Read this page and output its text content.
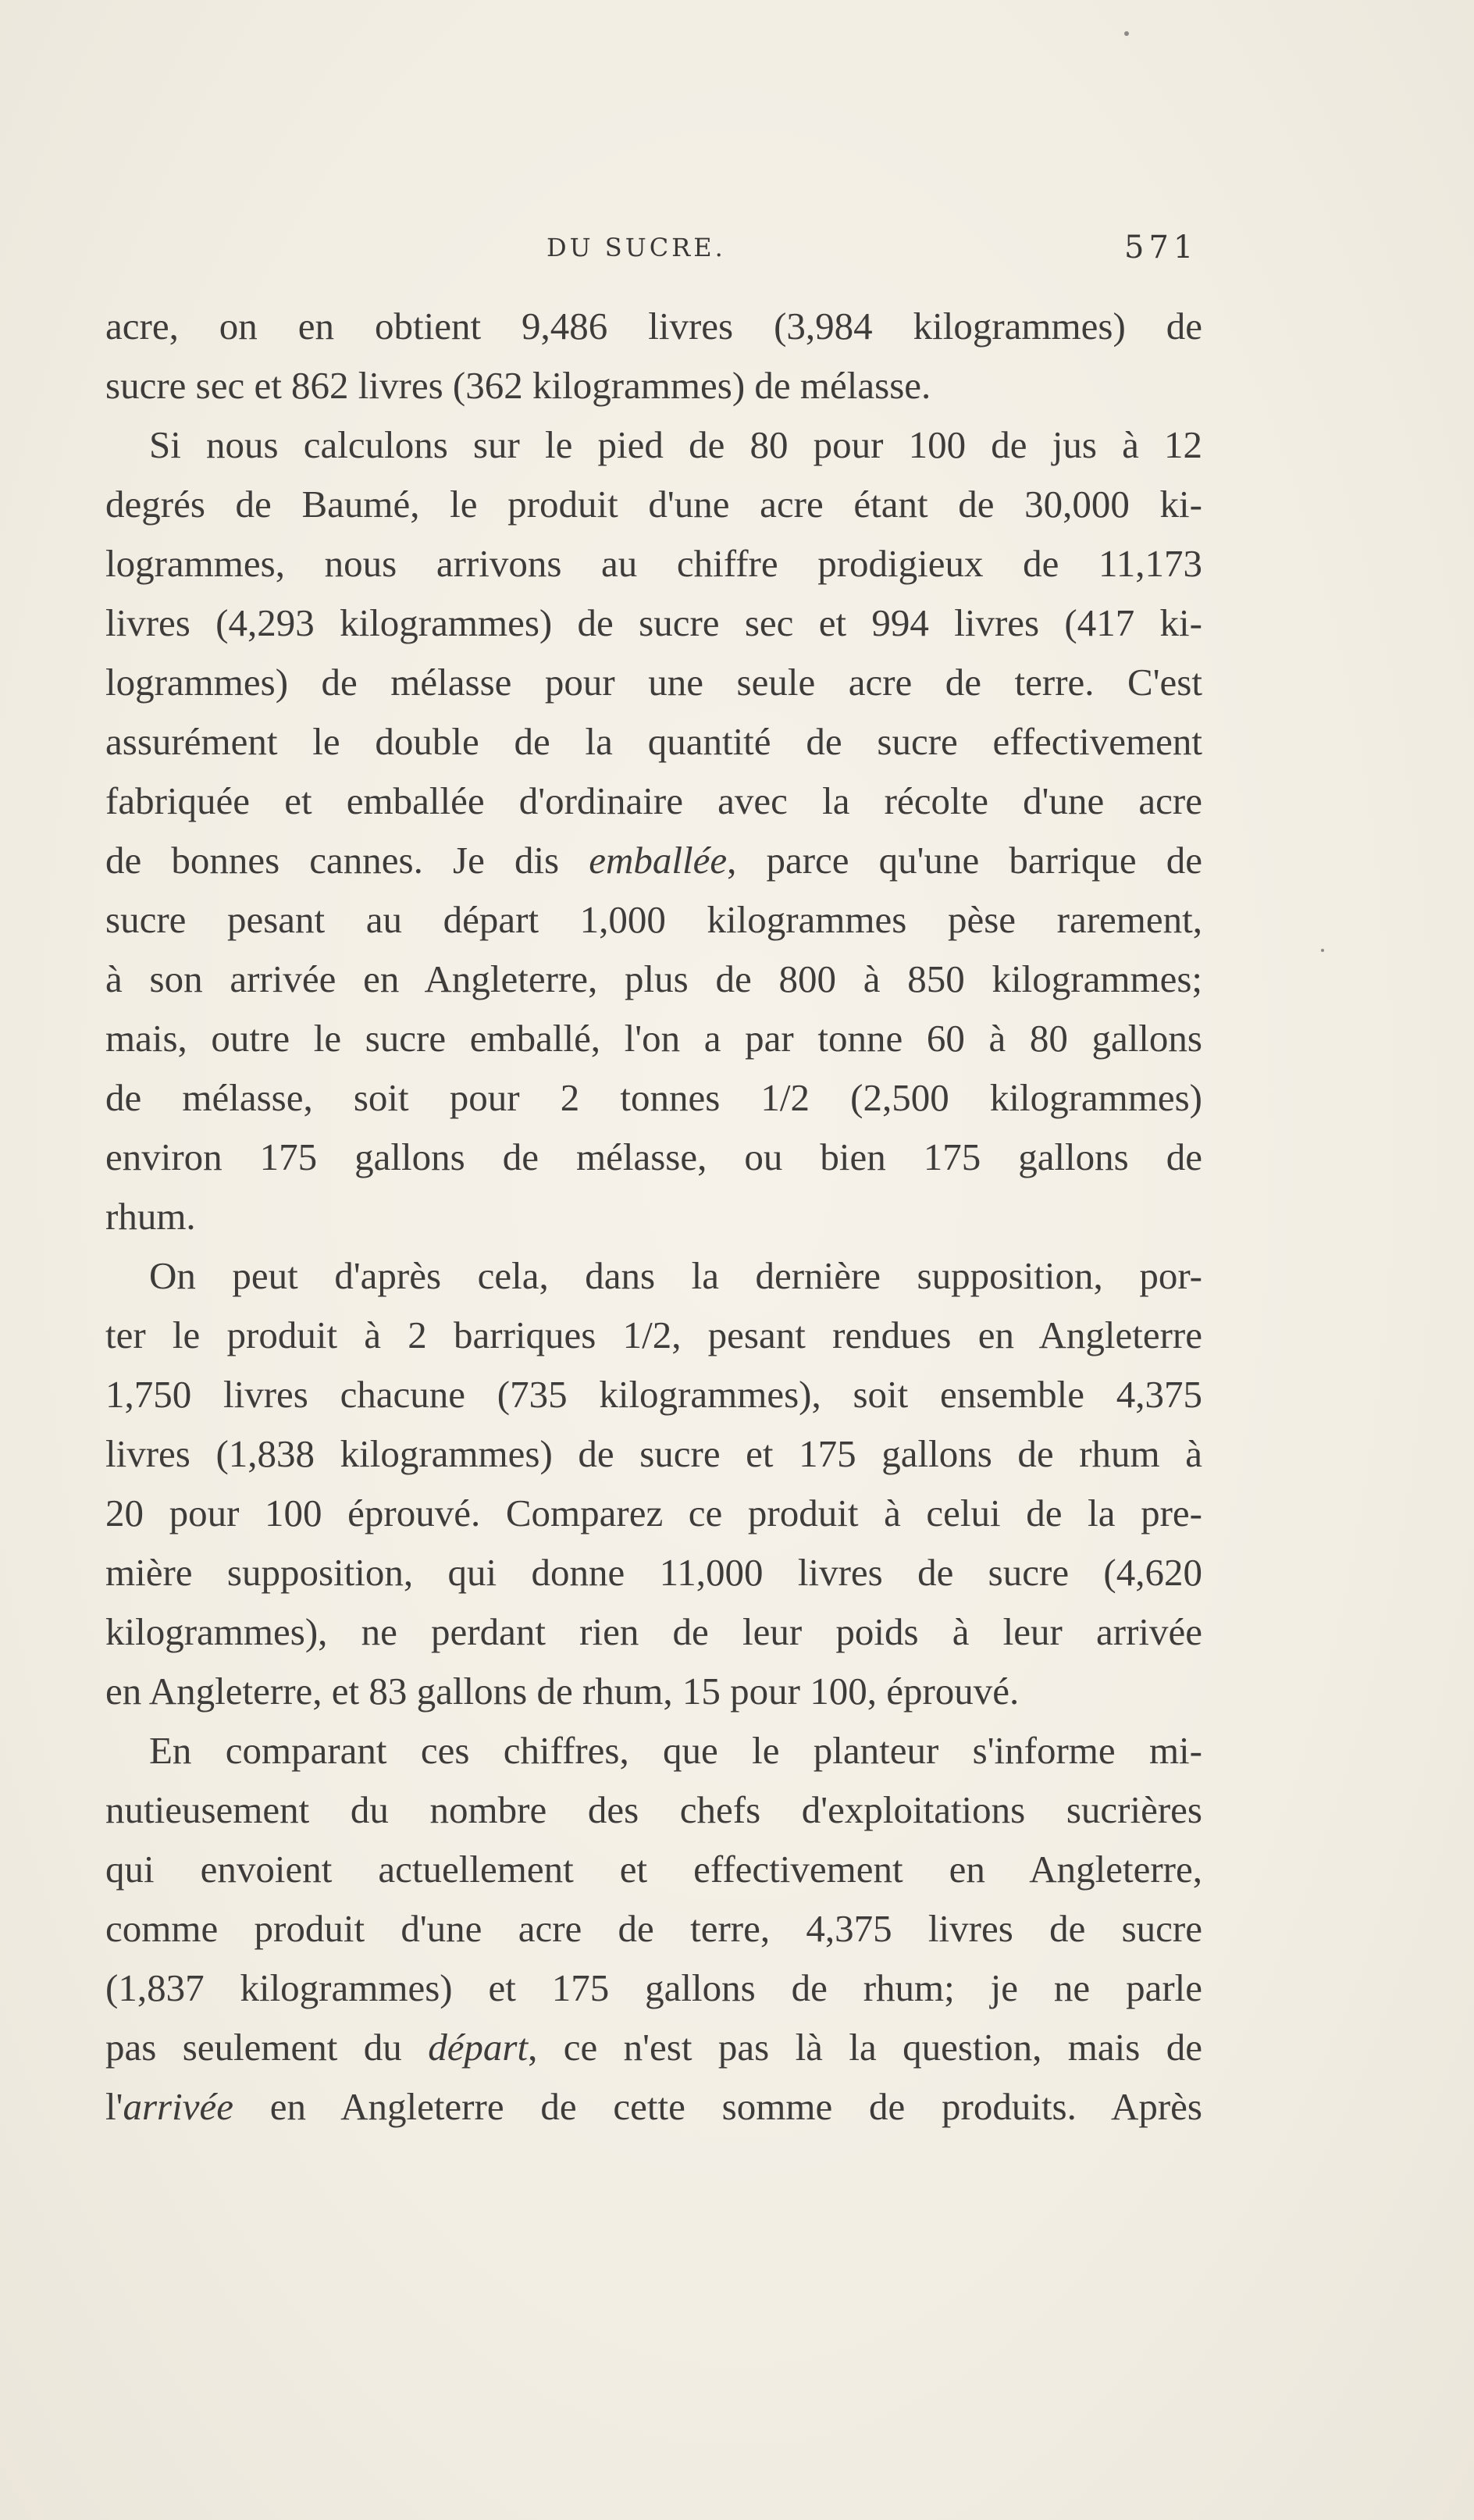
DU SUCRE.	571

acre, on en obtient 9,486 livres (3,984 kilogrammes) de

sucre sec et 862 livres (362 kilogrammes) de mélasse.

Si nous calculons sur le pied de 80 pour 100 de jus à 12

degrés de Baumé, le produit d'une acre étant de 30,000 ki-

logrammes, nous arrivons au chiffre prodigieux de 11,173

livres (4,293 kilogrammes) de sucre sec et 994 livres (417 ki-

logrammes) de mélasse pour une seule acre de terre. C'est

assurément le double de la quantité de sucre effectivement

fabriquée et emballée d'ordinaire avec la récolte d'une acre

de bonnes cannes. Je dis emballée, parce qu'une barrique de

sucre pesant au départ 1,000 kilogrammes pèse rarement,

à son arrivée en Angleterre, plus de 800 à 850 kilogrammes;

mais, outre le sucre emballé, l'on a par tonne 60 à 80 gallons

de mélasse, soit pour 2 tonnes 1/2 (2,500 kilogrammes)

environ 175 gallons de mélasse, ou bien 175 gallons de

rhum.

On peut d'après cela, dans la dernière supposition, por-

ter le produit à 2 barriques 1/2, pesant rendues en Angleterre

1,750 livres chacune (735 kilogrammes), soit ensemble 4,375

livres (1,838 kilogrammes) de sucre et 175 gallons de rhum à

20 pour 100 éprouvé. Comparez ce produit à celui de la pre-

mière supposition, qui donne 11,000 livres de sucre (4,620

kilogrammes), ne perdant rien de leur poids à leur arrivée

en Angleterre, et 83 gallons de rhum, 15 pour 100, éprouvé.

En comparant ces chiffres, que le planteur s'informe mi-

nutieusement du nombre des chefs d'exploitations sucrières

qui envoient actuellement et effectivement en Angleterre,

comme produit d'une acre de terre, 4,375 livres de sucre

(1,837 kilogrammes) et 175 gallons de rhum; je ne parle

pas seulement du départ, ce n'est pas là la question, mais de

l'arrivée en Angleterre de cette somme de produits. Après
